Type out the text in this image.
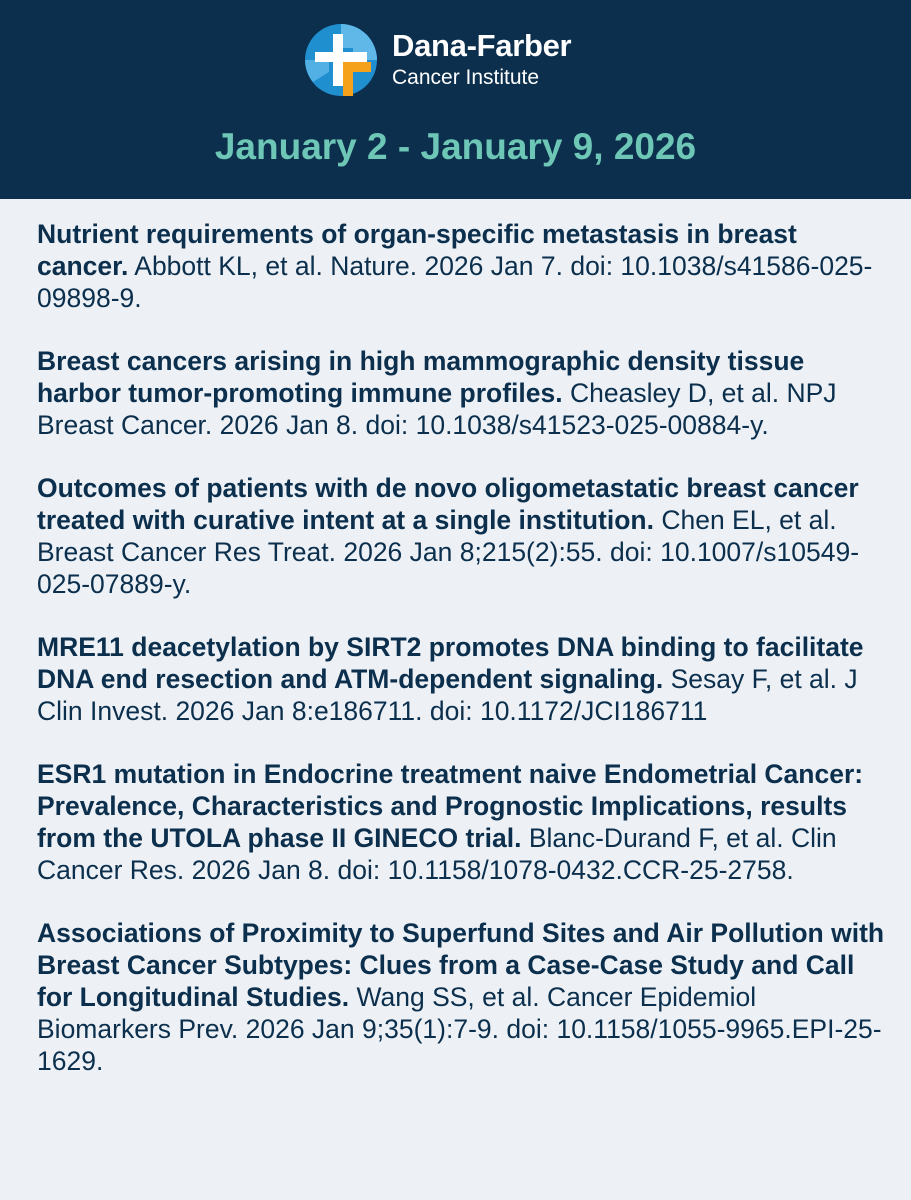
Dana-Farber
Cancer Institute
January 2 - January 9, 2026
Nutrient requirements of organ-specific metastasis in breast cancer. Abbott KL, et al. Nature. 2026 Jan 7. doi: 10.1038/s41586-025-09898-9.
Breast cancers arising in high mammographic density tissue harbor tumor-promoting immune profiles. Cheasley D, et al. NPJ Breast Cancer. 2026 Jan 8. doi: 10.1038/s41523-025-00884-y.
Outcomes of patients with de novo oligometastatic breast cancer treated with curative intent at a single institution. Chen EL, et al. Breast Cancer Res Treat. 2026 Jan 8;215(2):55. doi: 10.1007/s10549-025-07889-y.
MRE11 deacetylation by SIRT2 promotes DNA binding to facilitate DNA end resection and ATM-dependent signaling. Sesay F, et al. J Clin Invest. 2026 Jan 8:e186711. doi: 10.1172/JCI186711
ESR1 mutation in Endocrine treatment naive Endometrial Cancer: Prevalence, Characteristics and Prognostic Implications, results from the UTOLA phase II GINECO trial. Blanc-Durand F, et al. Clin Cancer Res. 2026 Jan 8. doi: 10.1158/1078-0432.CCR-25-2758.
Associations of Proximity to Superfund Sites and Air Pollution with Breast Cancer Subtypes: Clues from a Case-Case Study and Call for Longitudinal Studies. Wang SS, et al. Cancer Epidemiol Biomarkers Prev. 2026 Jan 9;35(1):7-9. doi: 10.1158/1055-9965.EPI-25-1629.
